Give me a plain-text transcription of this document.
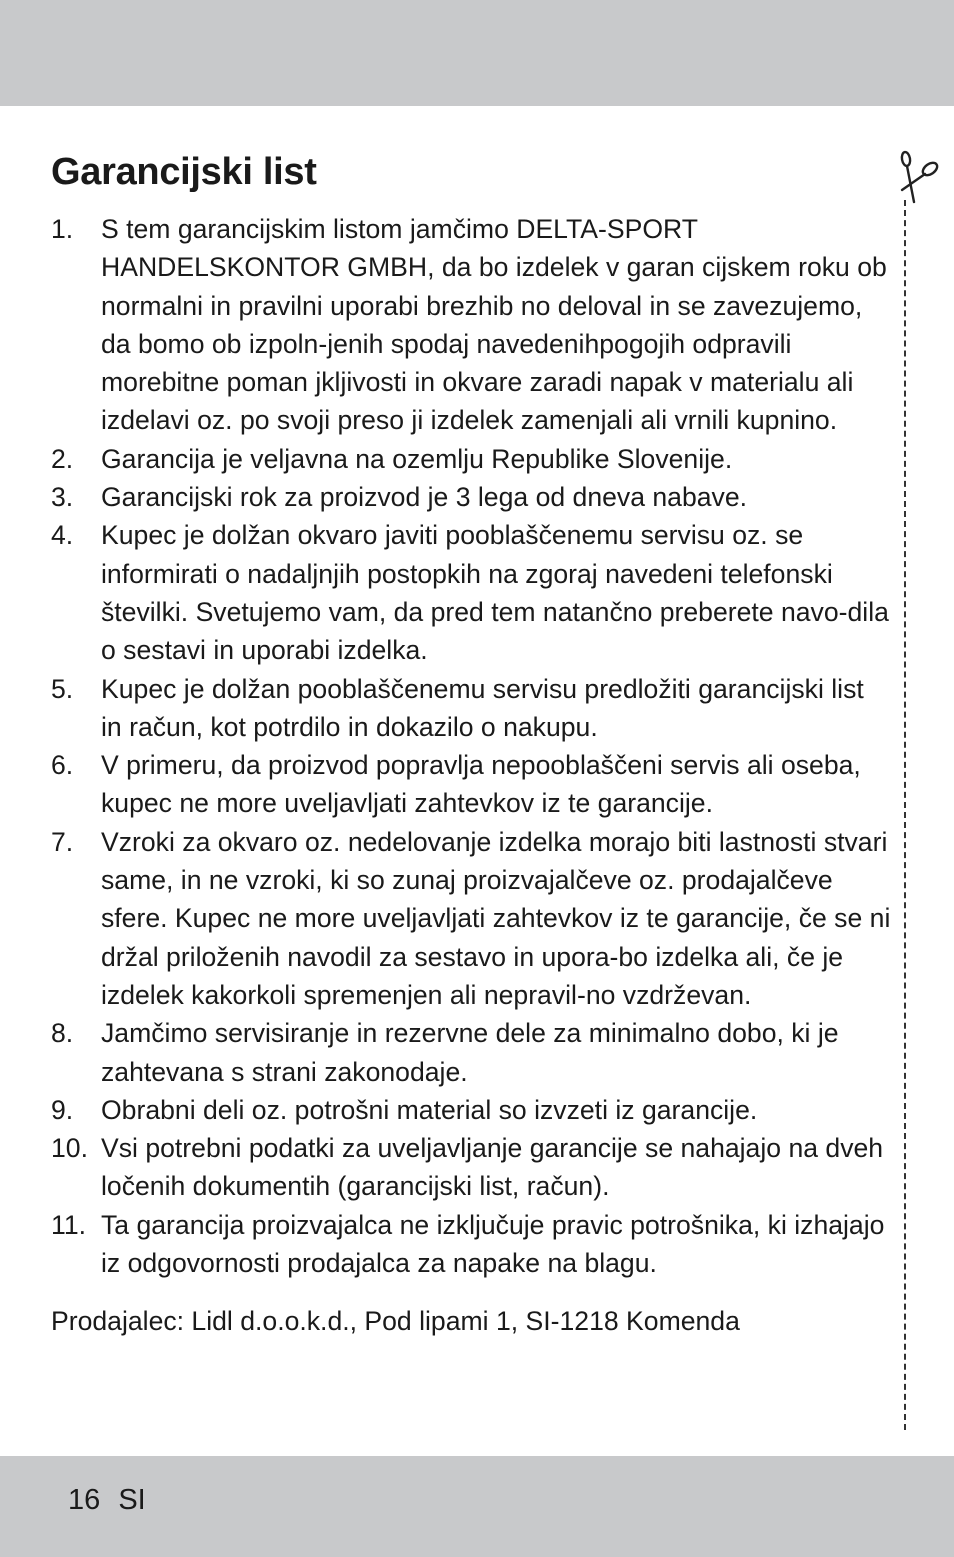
Garancijski list
1. S tem garancijskim listom jamčimo DELTA-SPORT HANDELSKONTOR GMBH, da bo izdelek v garan cijskem roku ob normalni in pravilni uporabi brezhib no deloval in se zavezujemo, da bomo ob izpoln-jenih spodaj navedenihpogojih odpravili morebitne poman jkljivosti in okvare zaradi napak v materialu ali izdelavi oz. po svoji preso ji izdelek zamenjali ali vrnili kupnino.
2. Garancija je veljavna na ozemlju Republike Slovenije.
3. Garancijski rok za proizvod je 3 lega od dneva nabave.
4. Kupec je dolžan okvaro javiti pooblaščenemu servisu oz. se informirati o nadaljnjih postopkih na zgoraj navedeni telefonski številki. Svetujemo vam, da pred tem natančno preberete navo-dila o sestavi in uporabi izdelka.
5. Kupec je dolžan pooblaščenemu servisu predložiti garancijski list in račun, kot potrdilo in dokazilo o nakupu.
6. V primeru, da proizvod popravlja nepooblaščeni servis ali oseba, kupec ne more uveljavljati zahtevkov iz te garancije.
7. Vzroki za okvaro oz. nedelovanje izdelka morajo biti lastnosti stvari same, in ne vzroki, ki so zunaj proizvajalčeve oz. prodajalčeve sfere. Kupec ne more uveljavljati zahtevkov iz te garancije, če se ni držal priloženih navodil za sestavo in upora-bo izdelka ali, če je izdelek kakorkoli spremenjen ali nepravil-no vzdrževan.
8. Jamčimo servisiranje in rezervne dele za minimalno dobo, ki je zahtevana s strani zakonodaje.
9. Obrabni deli oz. potrošni material so izvzeti iz garancije.
10. Vsi potrebni podatki za uveljavljanje garancije se nahajajo na dveh ločenih dokumentih (garancijski list, račun).
11. Ta garancija proizvajalca ne izključuje pravic potrošnika, ki izhajajo iz odgovornosti prodajalca za napake na blagu.
Prodajalec: Lidl d.o.o.k.d., Pod lipami 1, SI-1218 Komenda
16 SI
